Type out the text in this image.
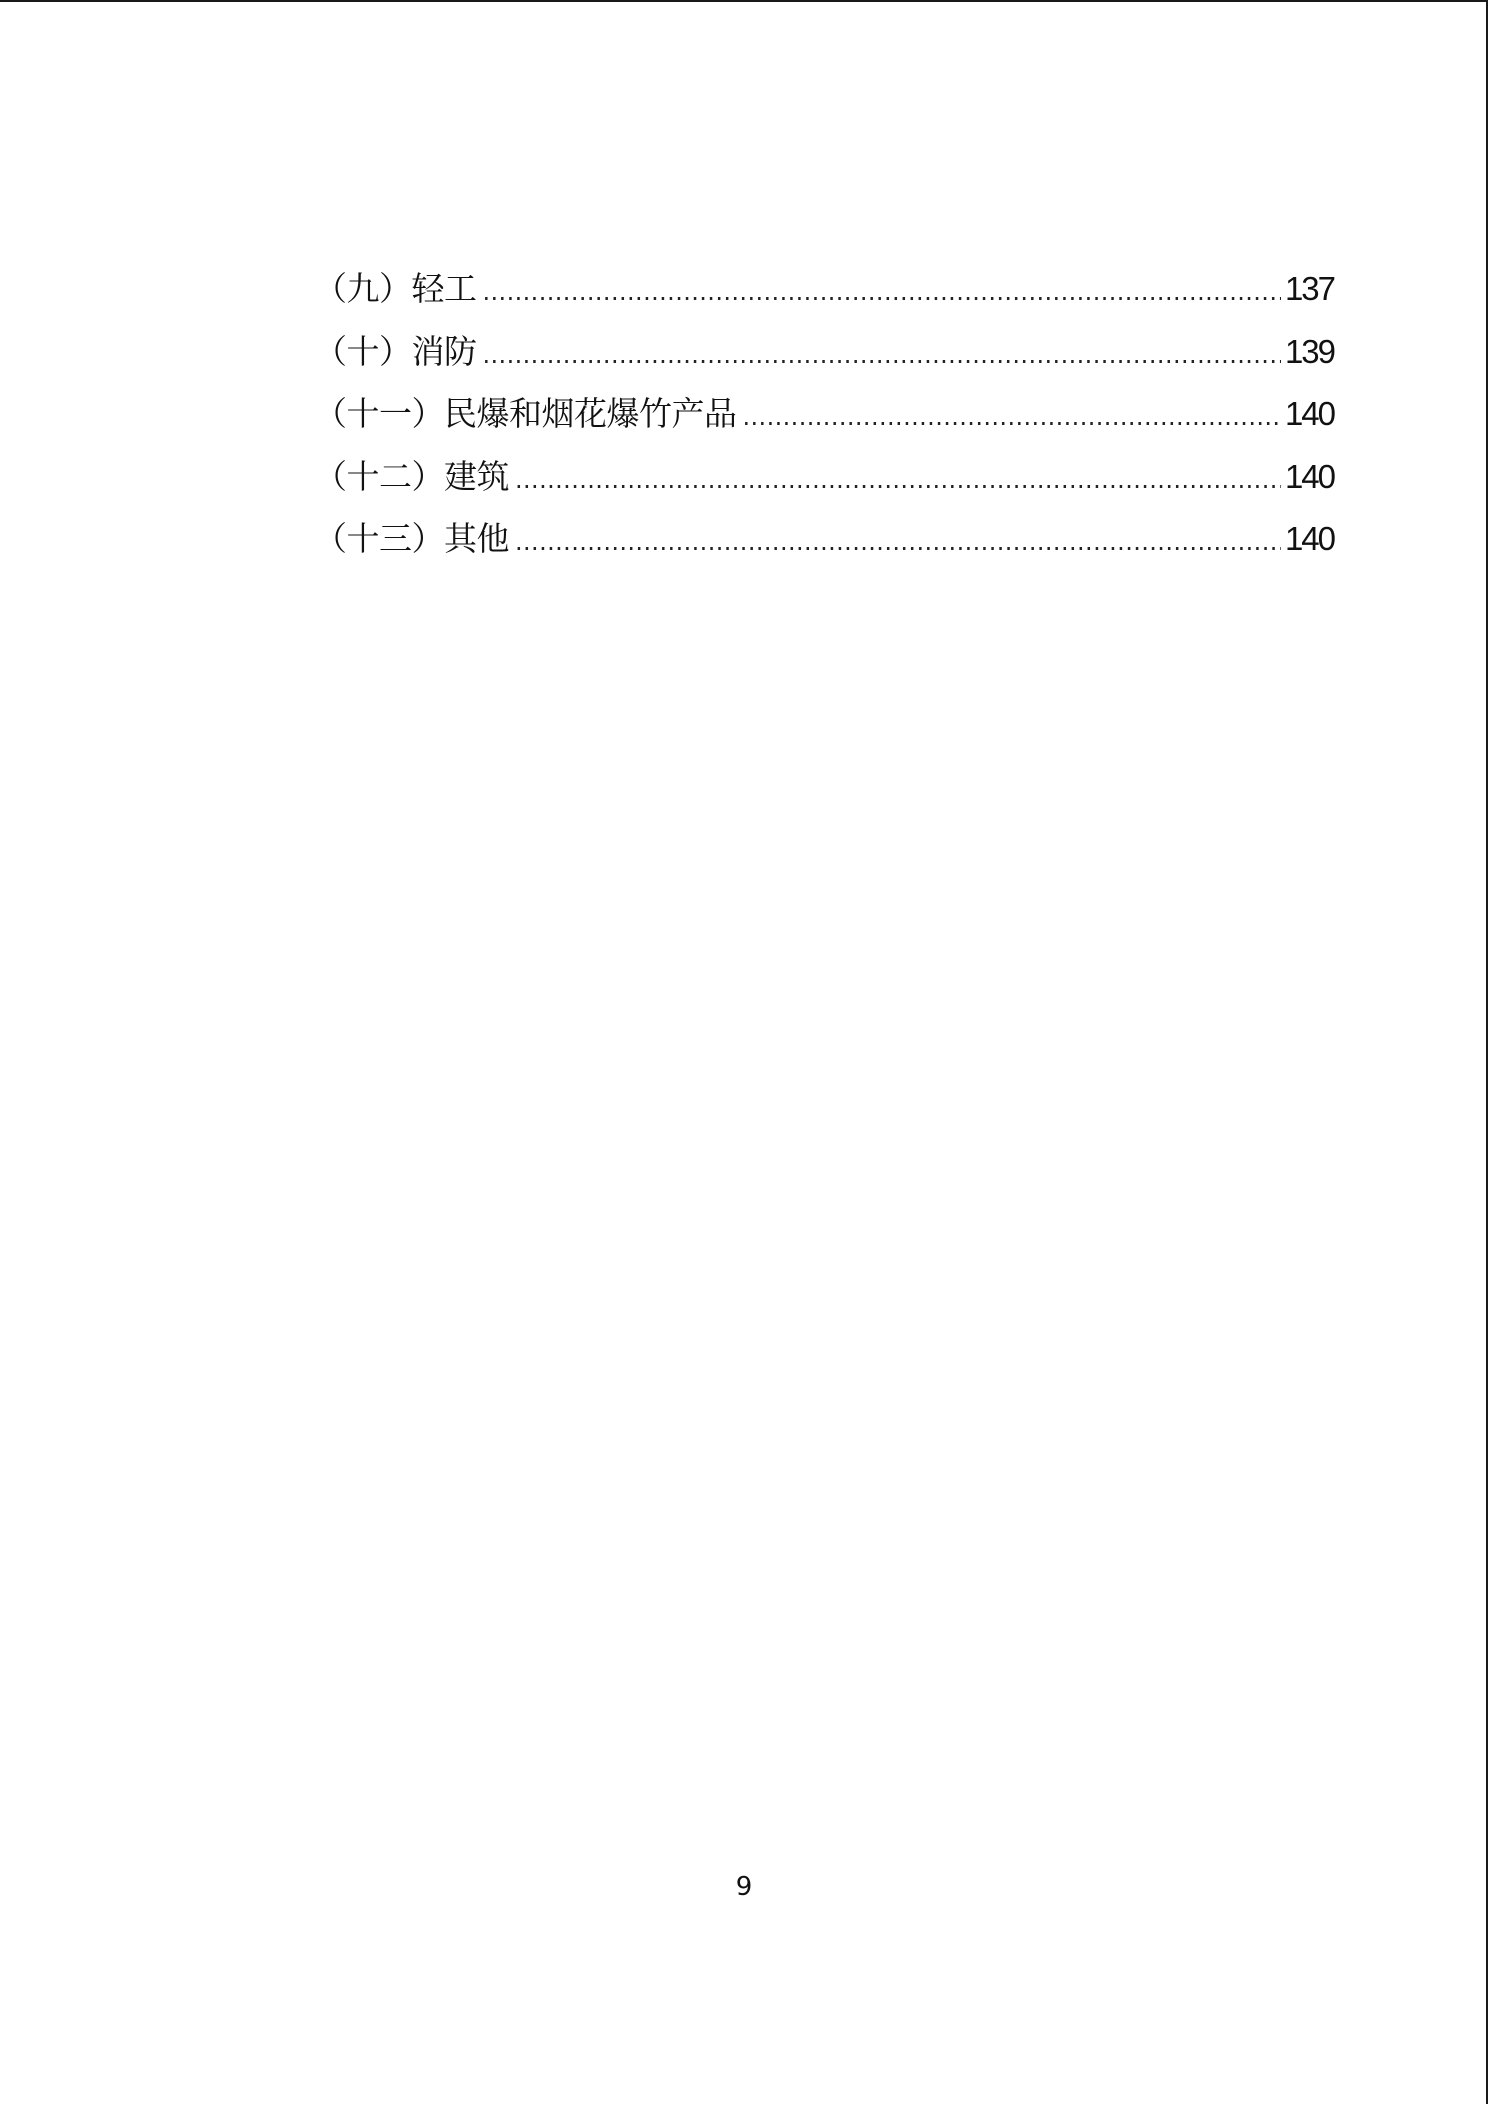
（九）轻工 .....	137
（十）消防 .....	139
（十一）民爆和烟花爆竹产品 .....	140
（十二）建筑 .....	140
（十三）其他 .....	140
9
